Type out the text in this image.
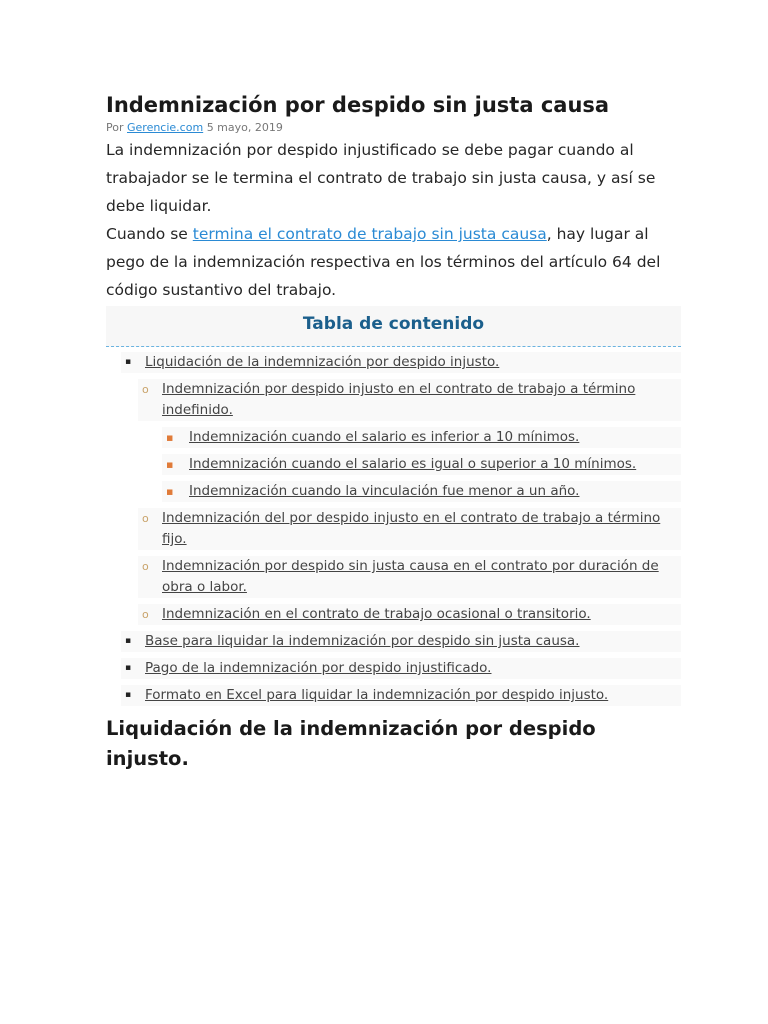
Indemnización por despido sin justa causa
Por Gerencie.com 5 mayo, 2019

La indemnización por despido injustificado se debe pagar cuando al trabajador se le termina el contrato de trabajo sin justa causa, y así se debe liquidar.

Cuando se termina el contrato de trabajo sin justa causa, hay lugar al pego de la indemnización respectiva en los términos del artículo 64 del código sustantivo del trabajo.

Tabla de contenido
▪	Liquidación de la indemnización por despido injusto.
o Indemnización por despido injusto en el contrato de trabajo a término indefinido.
▪	Indemnización cuando el salario es inferior a 10 mínimos.
▪	Indemnización cuando el salario es igual o superior a 10 mínimos.
▪	Indemnización cuando la vinculación fue menor a un año.
o Indemnización del por despido injusto en el contrato de trabajo a término fijo.
o Indemnización por despido sin justa causa en el contrato por duración de obra o labor.
o Indemnización en el contrato de trabajo ocasional o transitorio.
▪	Base para liquidar la indemnización por despido sin justa causa.
▪	Pago de la indemnización por despido injustificado.
▪	Formato en Excel para liquidar la indemnización por despido injusto.
Liquidación de la indemnización por despido injusto.
